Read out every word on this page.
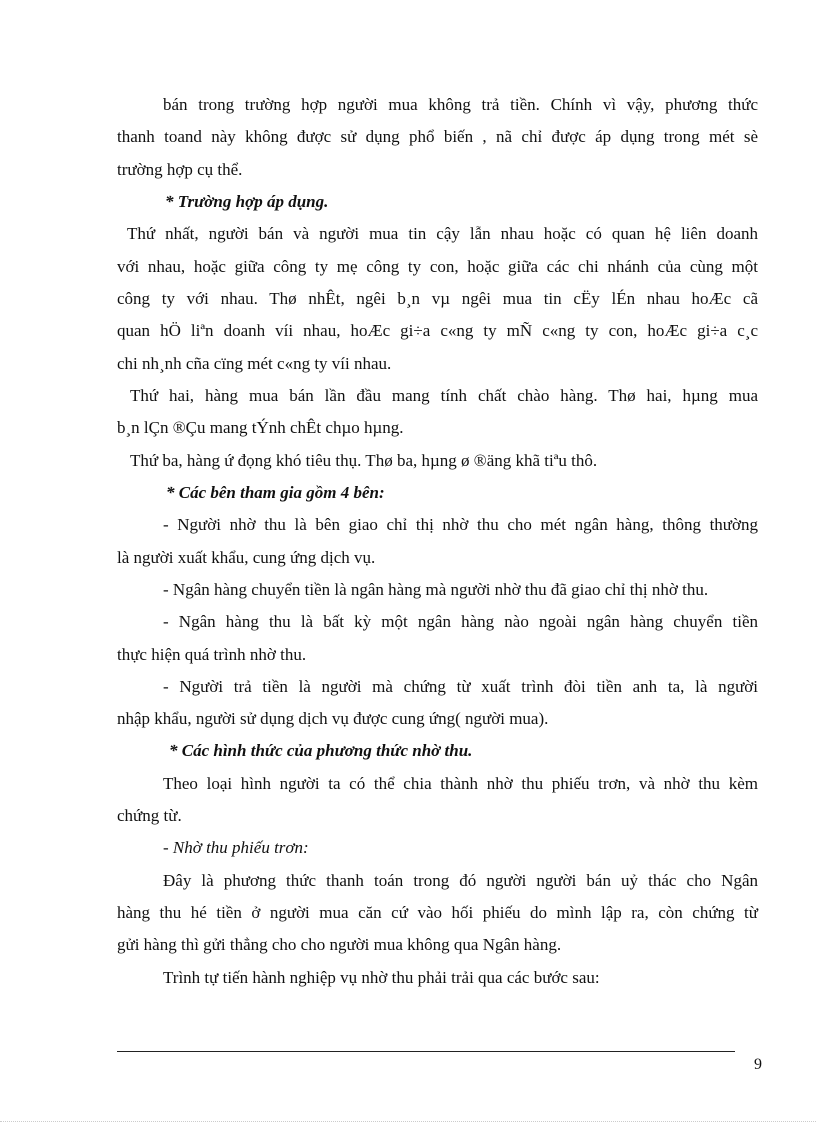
bán trong trường hợp người mua không trả tiền. Chính vì vậy, phương thức
thanh toand này không được sử dụng phổ biến , nã chỉ được áp dụng trong mét sè
trường hợp cụ thể.
* Trường hợp áp dụng.
Thứ nhất, người bán và người mua tin cậy lẫn nhau hoặc có quan hệ liên doanh
với nhau, hoặc giữa công ty mẹ công ty con, hoặc giữa các chi nhánh của cùng một
công ty với nhau. Thø nhÊt, ngêi b¸n vµ ngêi mua tin cËy lÉn nhau hoÆc cã
quan hÖ liªn doanh víi nhau, hoÆc gi÷a c«ng ty mÑ c«ng ty con, hoÆc gi÷a c¸c
chi nh¸nh cña cïng mét c«ng ty víi nhau.
Thứ hai, hàng mua bán lần đầu mang tính chất chào hàng. Thø hai, hµng mua
b¸n lÇn ®Çu mang tÝnh chÊt chµo hµng.
Thứ ba, hàng ứ đọng khó tiêu thụ. Thø ba, hµng ø ®äng khã tiªu thô.
* Các bên tham gia gồm 4 bên:
- Người nhờ thu là bên giao chỉ thị nhờ thu cho mét ngân hàng, thông thường
là người xuất khẩu, cung ứng dịch vụ.
- Ngân hàng chuyển tiền là ngân hàng mà người nhờ thu đã giao chỉ thị nhờ thu.
- Ngân hàng thu là bất kỳ một ngân hàng nào ngoài ngân hàng chuyển tiền
thực hiện quá trình nhờ thu.
- Người trả tiền là người mà chứng từ xuất trình đòi tiền anh ta, là người
nhập khẩu, người sử dụng dịch vụ được cung ứng( người mua).
* Các hình thức của phương thức nhờ thu.
Theo loại hình người ta có thể chia thành nhờ thu phiếu trơn, và nhờ thu kèm
chứng từ.
- Nhờ thu phiếu trơn:
Đây là phương thức thanh toán trong đó người người bán uỷ thác cho Ngân
hàng thu hé tiền ở người mua căn cứ vào hối phiếu do mình lập ra, còn chứng từ
gửi hàng thì gửi thẳng cho cho người mua không qua Ngân hàng.
Trình tự tiến hành nghiệp vụ nhờ thu phải trải qua các bước sau:
9
